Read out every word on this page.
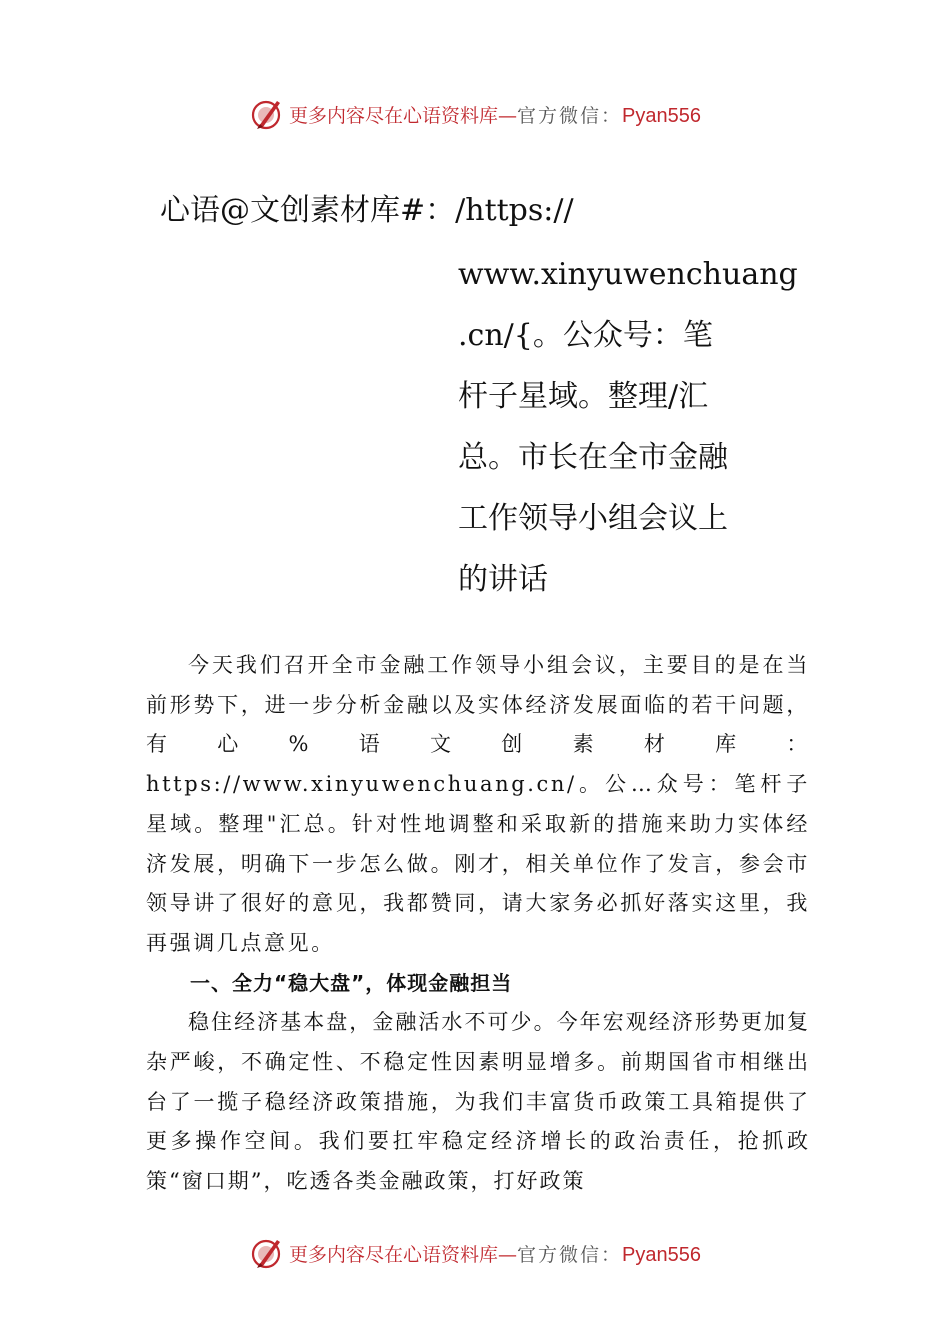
更多内容尽在心语资料库—官方微信：Pyan556
心语@文创素材库#：/https://
www.xinyuwenchuang
.cn/{。公众号：笔
杆子星域。整理/汇
总。市长在全市金融
工作领导小组会议上
的讲话

今天我们召开全市金融工作领导小组会议，主要目的是在当前形势下，进一步分析金融以及实体经济发展面临的若干问题，有心%语文创素材库：https://www.xinyuwenchuang.cn/。公…众号：笔杆子星域。整理"汇总。针对性地调整和采取新的措施来助力实体经济发展，明确下一步怎么做。刚才，相关单位作了发言，参会市领导讲了很好的意见，我都赞同，请大家务必抓好落实这里，我再强调几点意见。

一、全力“稳大盘”，体现金融担当

稳住经济基本盘，金融活水不可少。今年宏观经济形势更加复杂严峻，不确定性、不稳定性因素明显增多。前期国省市相继出台了一揽子稳经济政策措施，为我们丰富货币政策工具箱提供了更多操作空间。我们要扛牢稳定经济增长的政治责任，抢抓政策“窗口期”，吃透各类金融政策，打好政策

更多内容尽在心语资料库—官方微信：Pyan556
